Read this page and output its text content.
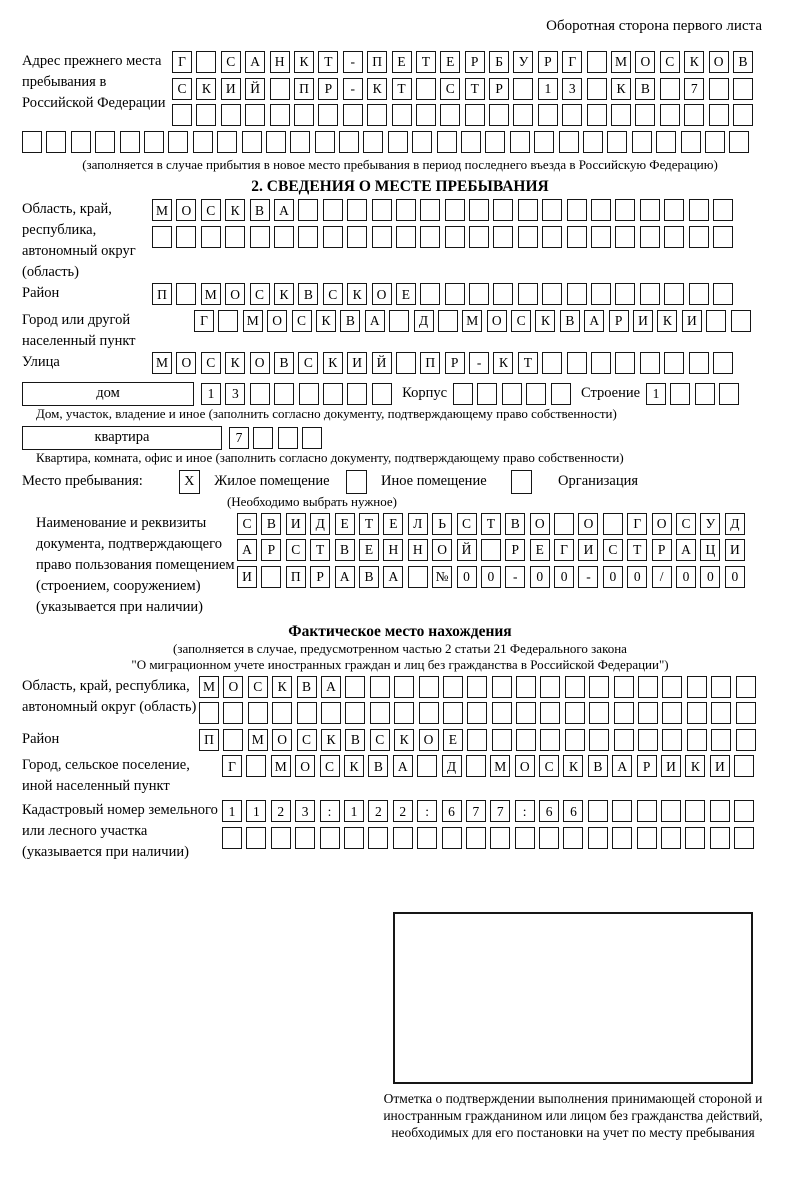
Оборотная сторона первого листа
Адрес прежнего места пребывания в Российской Федерации
Г	С	А	Н	К	Т	-	П	Е	Т	Е	Р	Б	У	Р	Г	М	О	С	К	О	В
С	К	И	Й	П	Р	-	К	Т	С	Т	Р	1	3	К	В	7
(заполняется в случае прибытия в новое место пребывания в период последнего въезда в Российскую Федерацию)
2. СВЕДЕНИЯ О МЕСТЕ ПРЕБЫВАНИЯ
Область, край, республика, автономный округ (область)
М	О	С	К	В	А
Район	П	М	О	С	К	В	С	К	О	Е
Город или другой населенный пункт
Г	М	О	С	К	В	А	Д	М	О	С	К	В	А	Р	И	К	И
Улица	М	О	С	К	О	В	С	К	И	Й	П	Р	-	К	Т
дом	1	3	Корпус	Строение 1
Дом, участок, владение и иное (заполнить согласно документу, подтверждающему право собственности)
квартира	7
Квартира, комната, офис и иное (заполнить согласно документу, подтверждающему право собственности)
Место пребывания:	X	Жилое помещение	Иное помещение	Организация
(Необходимо выбрать нужное)
Наименование и реквизиты документа, подтверждающего право пользования помещением (строением, сооружением) (указывается при наличии)
С	В	И	Д	Е	Т	Е	Л	Ь	С	Т	В	О	О	Г	О	С	У	Д
А	Р	С	Т	В	Е	Н	Н	О	Й	Р	Е	Г	И	С	Т	Р	А	Ц	И
И	П	Р	А	В	А	№	0	0	-	0	0	-	0	0	/	0	0	0
Фактическое место нахождения
(заполняется в случае, предусмотренном частью 2 статьи 21 Федерального закона
"О миграционном учете иностранных граждан и лиц без гражданства в Российской Федерации")
Область, край, республика, автономный округ (область)
М	О	С	К	В	А
Район	П	М	О	С	К	В	С	К	О	Е
Город, сельское поселение, иной населенный пункт
Г	М	О	С	К	В	А	Д	М	О	С	К	В	А	Р	И	К	И
Кадастровый номер земельного или лесного участка (указывается при наличии)
1	1	2	3	:	1	2	2	:	6	7	7	:	6	6
Отметка о подтверждении выполнения принимающей стороной и иностранным гражданином или лицом без гражданства действий, необходимых для его постановки на учет по месту пребывания
